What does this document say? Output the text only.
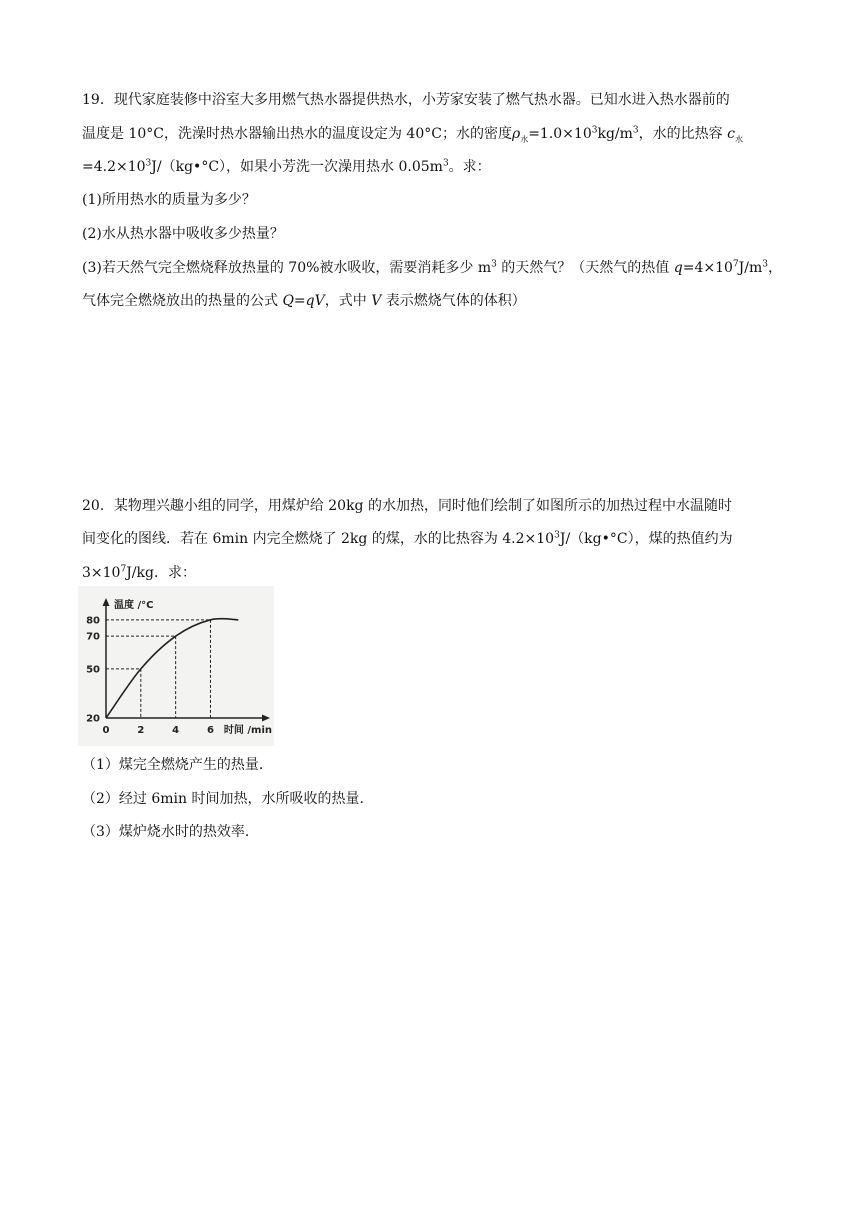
19．现代家庭装修中浴室大多用燃气热水器提供热水，小芳家安装了燃气热水器。已知水进入热水器前的
温度是 10°C，洗澡时热水器输出热水的温度设定为 40°C；水的密度$\rho_水=1.0\times 10^3kg/m^3$，水的比热容 $c_水$
$=4.2\times 10^3J/(kg•^\circ C)$，如果小芳洗一次澡用热水 $0.05m^3$。求：
(1)所用热水的质量为多少？
(2)水从热水器中吸收多少热量？
(3)若天然气完全燃烧释放热量的 70%被水吸收，需要消耗多少 $m^3$ 的天然气？（天然气的热值 $q=4\times 10^7J/m^3$，
气体完全燃烧放出的热量的公式 Q=qV，式中 V 表示燃烧气体的体积）
20．某物理兴趣小组的同学，用煤炉给 20kg 的水加热，同时他们绘制了如图所示的加热过程中水温随时
间变化的图线．若在 6min 内完全燃烧了 2kg 的煤，水的比热容为 $4.2\times 10^3J/(kg•^\circ C)$，煤的热值约为
$3\times 10^7J/kg$．求：
20
50
70
80
0	2	4	6
温度 /°C
时间 /min
（1）煤完全燃烧产生的热量．
（2）经过 6min 时间加热，水所吸收的热量．
（3）煤炉烧水时的热效率．
